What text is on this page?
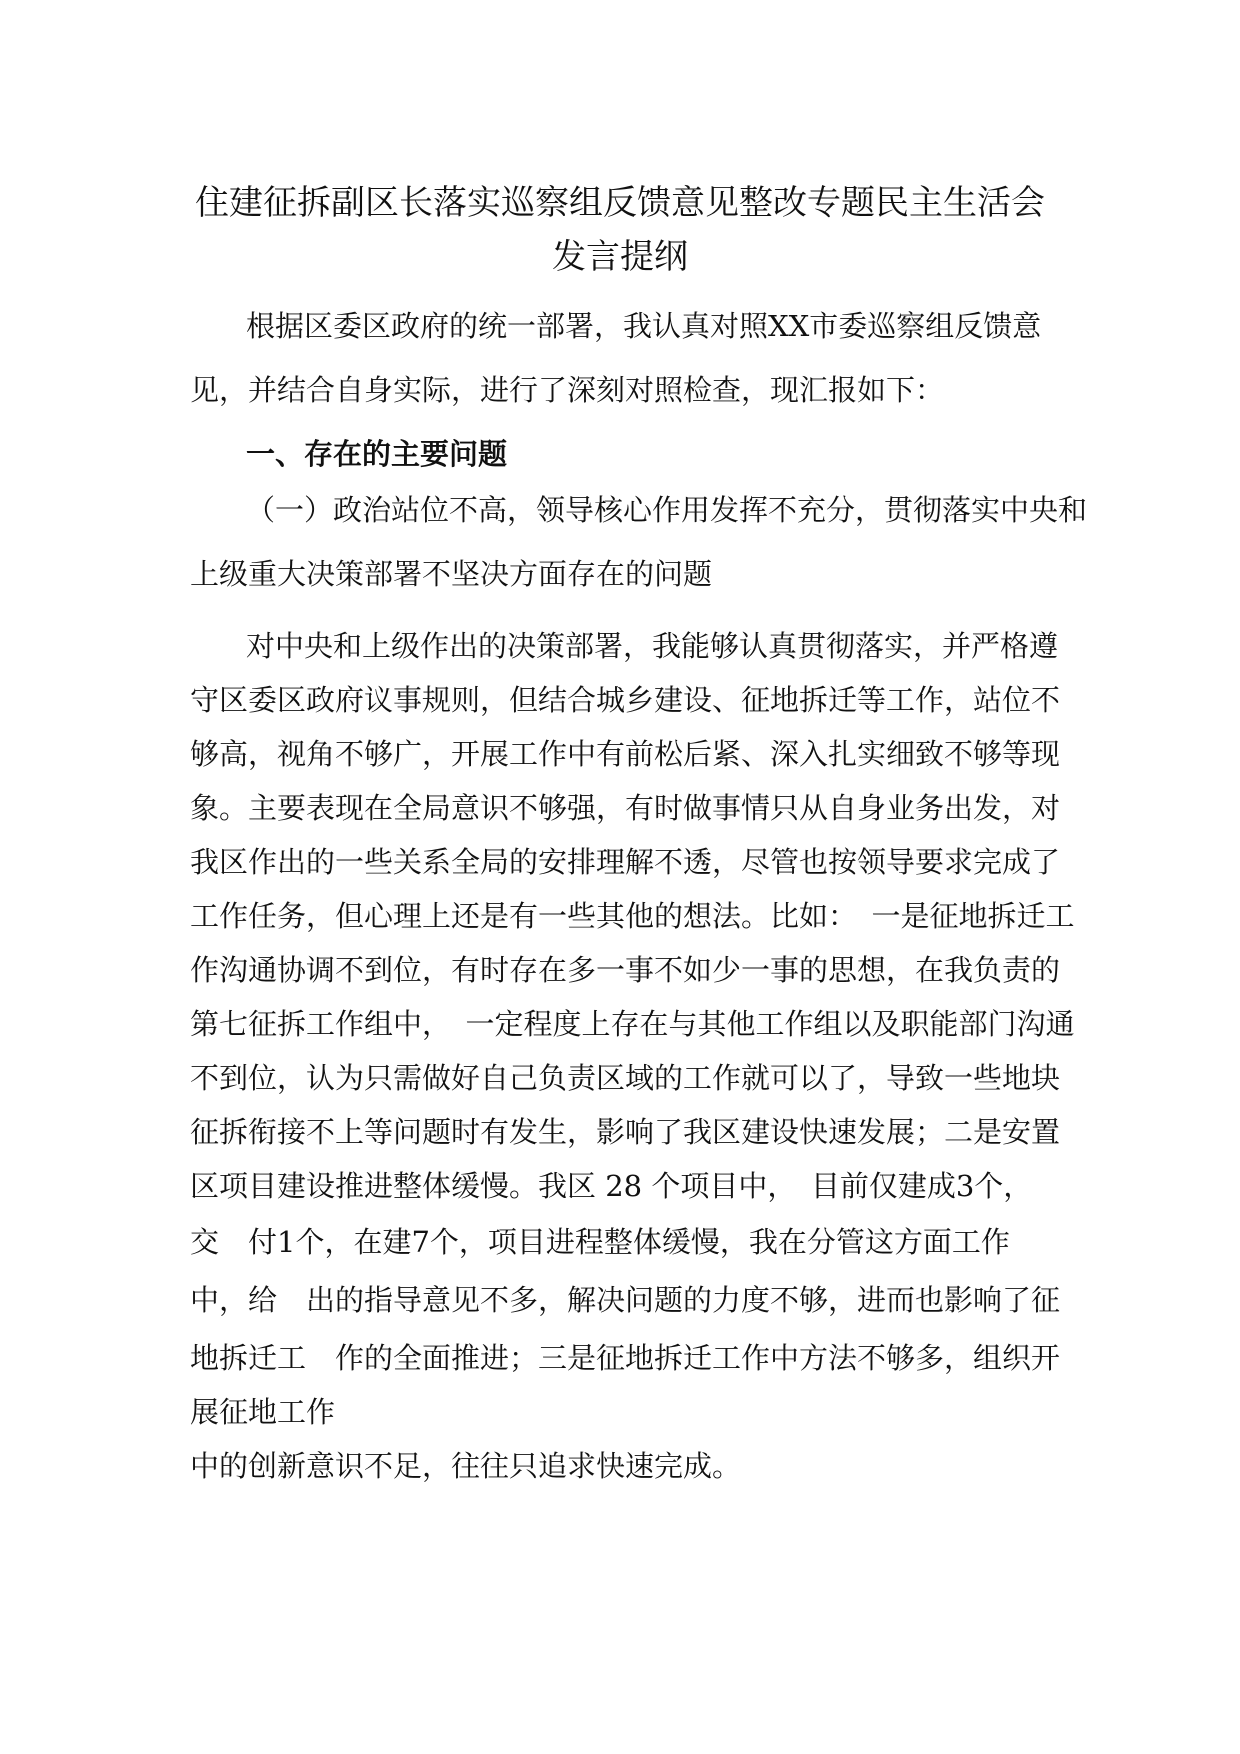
住建征拆副区长落实巡察组反馈意见整改专题民主生活会
发言提纲

根据区委区政府的统一部署，我认真对照XX市委巡察组反馈意

见，并结合自身实际，进行了深刻对照检查，现汇报如下：

一、存在的主要问题

（一）政治站位不高，领导核心作用发挥不充分，贯彻落实中央和

上级重大决策部署不坚决方面存在的问题

对中央和上级作出的决策部署，我能够认真贯彻落实，并严格遵

守区委区政府议事规则，但结合城乡建设、征地拆迁等工作，站位不

够高，视角不够广，开展工作中有前松后紧、深入扎实细致不够等现

象。主要表现在全局意识不够强，有时做事情只从自身业务出发，对

我区作出的一些关系全局的安排理解不透，尽管也按领导要求完成了

工作任务，但心理上还是有一些其他的想法。比如：　一是征地拆迁工

作沟通协调不到位，有时存在多一事不如少一事的思想，在我负责的

第七征拆工作组中，　一定程度上存在与其他工作组以及职能部门沟通

不到位，认为只需做好自己负责区域的工作就可以了，导致一些地块

征拆衔接不上等问题时有发生，影响了我区建设快速发展；二是安置

区项目建设推进整体缓慢。我区 28 个项目中，　目前仅建成3个，

交　付1个，在建7个，项目进程整体缓慢，我在分管这方面工作

中，给　出的指导意见不多，解决问题的力度不够，进而也影响了征

地拆迁工　作的全面推进；三是征地拆迁工作中方法不够多，组织开

展征地工作

中的创新意识不足，往往只追求快速完成。
